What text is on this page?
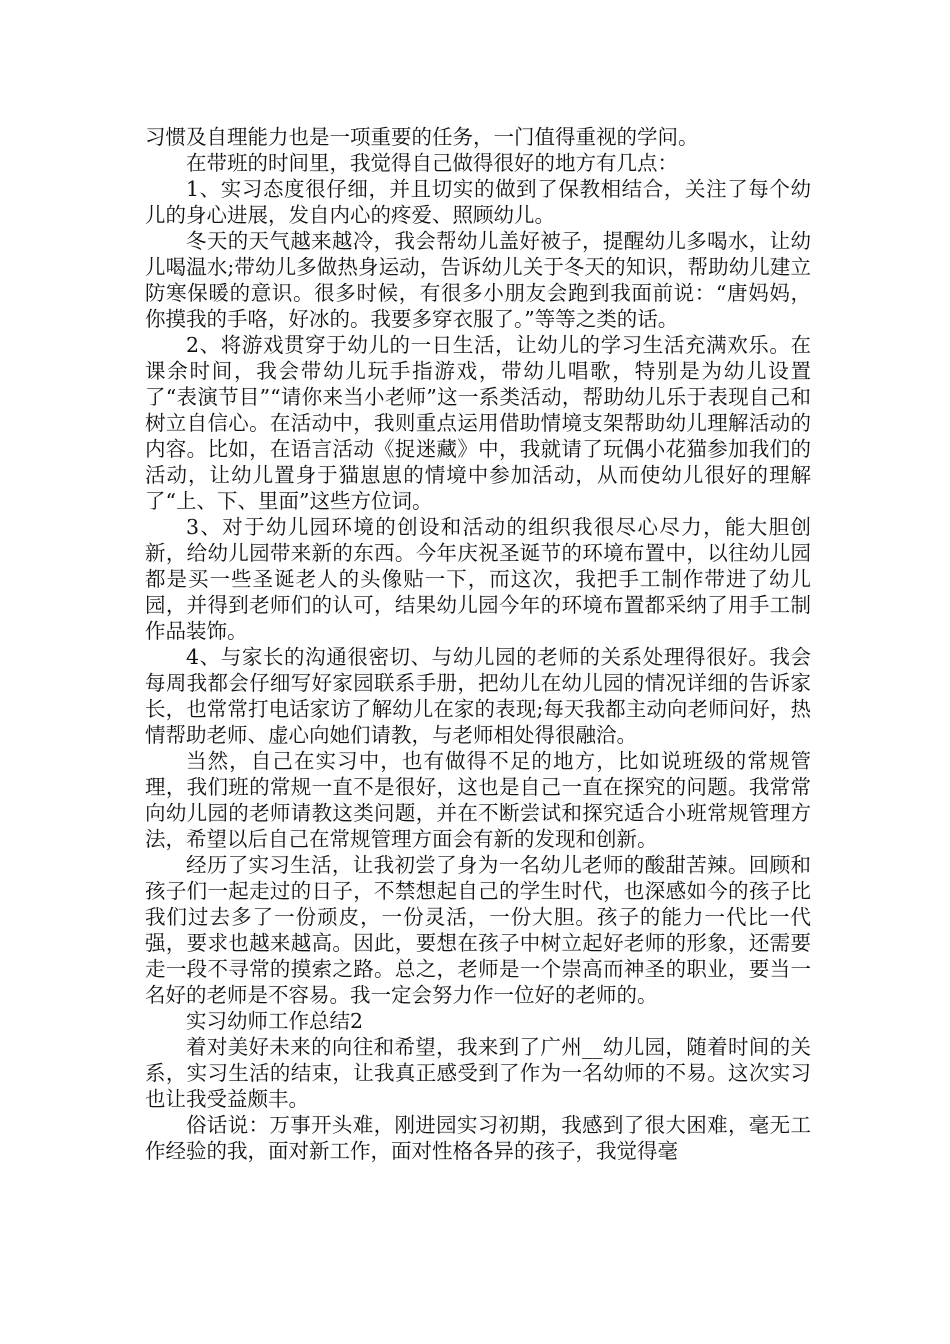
习惯及自理能力也是一项重要的任务，一门值得重视的学问。

在带班的时间里，我觉得自己做得很好的地方有几点：

1、实习态度很仔细，并且切实的做到了保教相结合，关注了每个幼儿的身心进展，发自内心的疼爱、照顾幼儿。

冬天的天气越来越冷，我会帮幼儿盖好被子，提醒幼儿多喝水，让幼儿喝温水;带幼儿多做热身运动，告诉幼儿关于冬天的知识，帮助幼儿建立防寒保暖的意识。很多时候，有很多小朋友会跑到我面前说：“唐妈妈，你摸我的手咯，好冰的。我要多穿衣服了。”等等之类的话。

2、将游戏贯穿于幼儿的一日生活，让幼儿的学习生活充满欢乐。在课余时间，我会带幼儿玩手指游戏，带幼儿唱歌，特别是为幼儿设置了“表演节目”“请你来当小老师”这一系类活动，帮助幼儿乐于表现自己和树立自信心。在活动中，我则重点运用借助情境支架帮助幼儿理解活动的内容。比如，在语言活动《捉迷藏》中，我就请了玩偶小花猫参加我们的活动，让幼儿置身于猫崽崽的情境中参加活动，从而使幼儿很好的理解了“上、下、里面”这些方位词。

3、对于幼儿园环境的创设和活动的组织我很尽心尽力，能大胆创新，给幼儿园带来新的东西。今年庆祝圣诞节的环境布置中，以往幼儿园都是买一些圣诞老人的头像贴一下，而这次，我把手工制作带进了幼儿园，并得到老师们的认可，结果幼儿园今年的环境布置都采纳了用手工制作品装饰。

4、与家长的沟通很密切、与幼儿园的老师的关系处理得很好。我会每周我都会仔细写好家园联系手册，把幼儿在幼儿园的情况详细的告诉家长，也常常打电话家访了解幼儿在家的表现;每天我都主动向老师问好，热情帮助老师、虚心向她们请教，与老师相处得很融洽。

当然，自己在实习中，也有做得不足的地方，比如说班级的常规管理，我们班的常规一直不是很好，这也是自己一直在探究的问题。我常常向幼儿园的老师请教这类问题，并在不断尝试和探究适合小班常规管理方法，希望以后自己在常规管理方面会有新的发现和创新。

经历了实习生活，让我初尝了身为一名幼儿老师的酸甜苦辣。回顾和孩子们一起走过的日子，不禁想起自己的学生时代，也深感如今的孩子比我们过去多了一份顽皮，一份灵活，一份大胆。孩子的能力一代比一代强，要求也越来越高。因此，要想在孩子中树立起好老师的形象，还需要走一段不寻常的摸索之路。总之，老师是一个崇高而神圣的职业，要当一名好的老师是不容易。我一定会努力作一位好的老师的。

实习幼师工作总结2

着对美好未来的向往和希望，我来到了广州__幼儿园，随着时间的关系，实习生活的结束，让我真正感受到了作为一名幼师的不易。这次实习也让我受益颇丰。

俗话说：万事开头难，刚进园实习初期，我感到了很大困难，毫无工作经验的我，面对新工作，面对性格各异的孩子，我觉得毫
